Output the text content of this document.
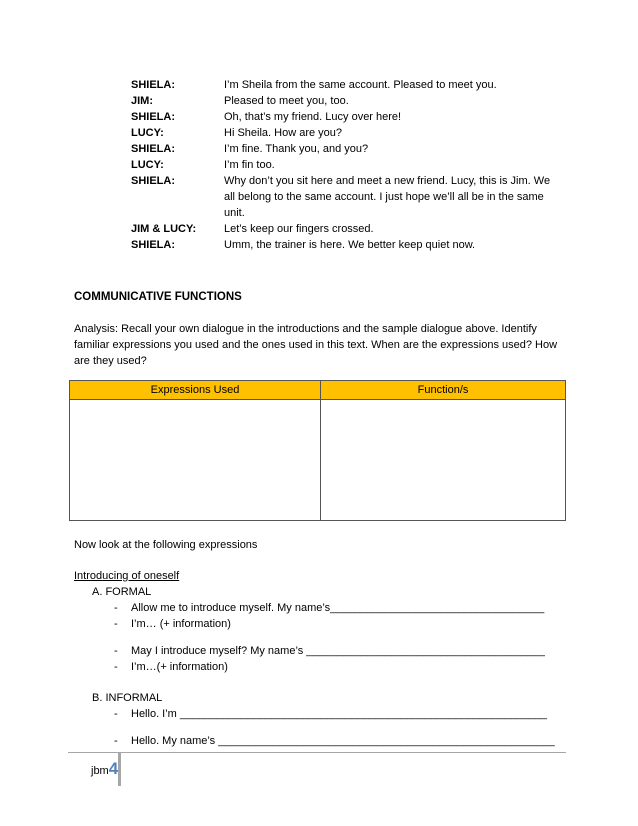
SHIELA:	I’m Sheila from the same account. Pleased to meet you.
JIM:	Pleased to meet you, too.
SHIELA:	Oh, that’s my friend. Lucy over here!
LUCY:	Hi Sheila. How are you?
SHIELA:	I’m fine. Thank you, and you?
LUCY:	I’m fin too.
SHIELA:	Why don’t you sit here and meet a new friend. Lucy, this is Jim. We all belong to the same account. I just hope we’ll all be in the same unit.
JIM & LUCY:	Let’s keep our fingers crossed.
SHIELA:	Umm, the trainer is here. We better keep quiet now.
COMMUNICATIVE FUNCTIONS
Analysis: Recall your own dialogue in the introductions and the sample dialogue above. Identify familiar expressions you used and the ones used in this text. When are the expressions used? How are they used?
Expressions Used	Function/s
Now look at the following expressions
Introducing of oneself
A. FORMAL
- Allow me to introduce myself. My name’s___________________________________
- I’m… (+ information)
- May I introduce myself? My name’s _______________________________________
- I’m…(+ information)
B. INFORMAL
- Hello. I’m ____________________________________________________________
- Hello. My name’s _______________________________________________________
jbm4
